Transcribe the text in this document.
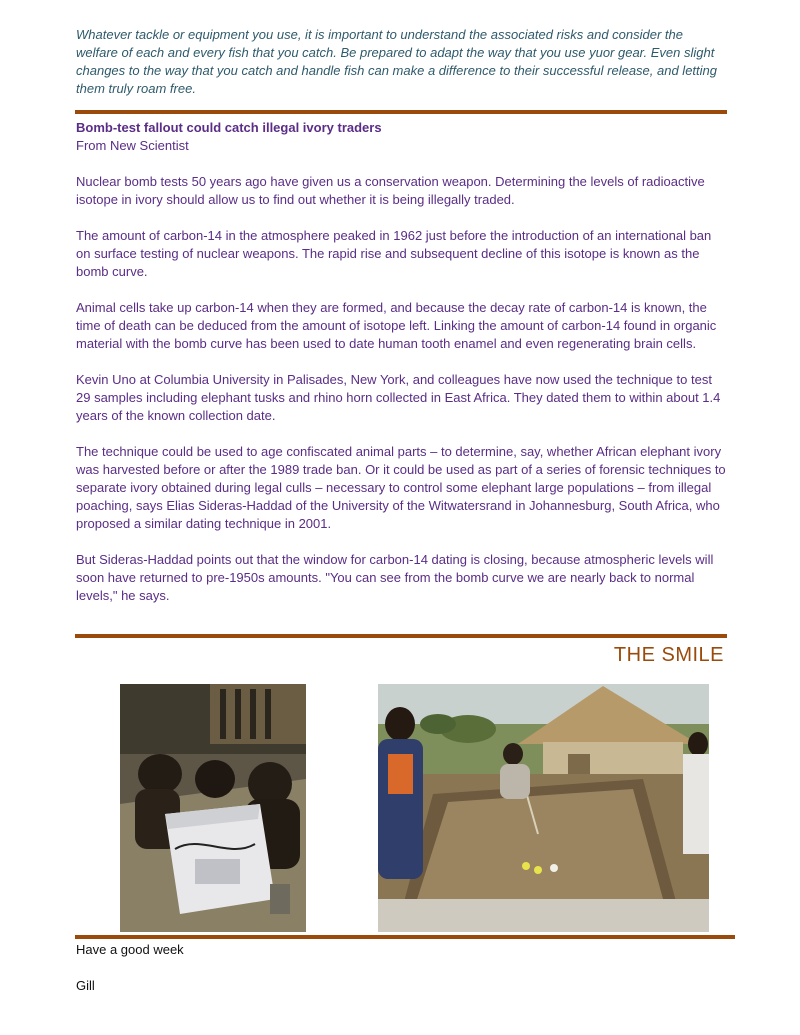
Whatever tackle or equipment you use, it is important to understand the associated risks and consider the welfare of each and every fish that you catch. Be prepared to adapt the way that you use yuor gear. Even slight changes to the way that you catch and handle fish can make a difference to their successful release, and letting them truly roam free.

Bomb-test fallout could catch illegal ivory traders
From New Scientist

Nuclear bomb tests 50 years ago have given us a conservation weapon. Determining the levels of radioactive isotope in ivory should allow us to find out whether it is being illegally traded.

The amount of carbon-14 in the atmosphere peaked in 1962 just before the introduction of an international ban on surface testing of nuclear weapons. The rapid rise and subsequent decline of this isotope is known as the bomb curve.

Animal cells take up carbon-14 when they are formed, and because the decay rate of carbon-14 is known, the time of death can be deduced from the amount of isotope left. Linking the amount of carbon-14 found in organic material with the bomb curve has been used to date human tooth enamel and even regenerating brain cells.

Kevin Uno at Columbia University in Palisades, New York, and colleagues have now used the technique to test 29 samples including elephant tusks and rhino horn collected in East Africa. They dated them to within about 1.4 years of the known collection date.

The technique could be used to age confiscated animal parts – to determine, say, whether African elephant ivory was harvested before or after the 1989 trade ban. Or it could be used as part of a series of forensic techniques to separate ivory obtained during legal culls – necessary to control some elephant large populations – from illegal poaching, says Elias Sideras-Haddad of the University of the Witwatersrand in Johannesburg, South Africa, who proposed a similar dating technique in 2001.

But Sideras-Haddad points out that the window for carbon-14 dating is closing, because atmospheric levels will soon have returned to pre-1950s amounts. "You can see from the bomb curve we are nearly back to normal levels," he says.

THE SMILE

Have a good week

Gill
